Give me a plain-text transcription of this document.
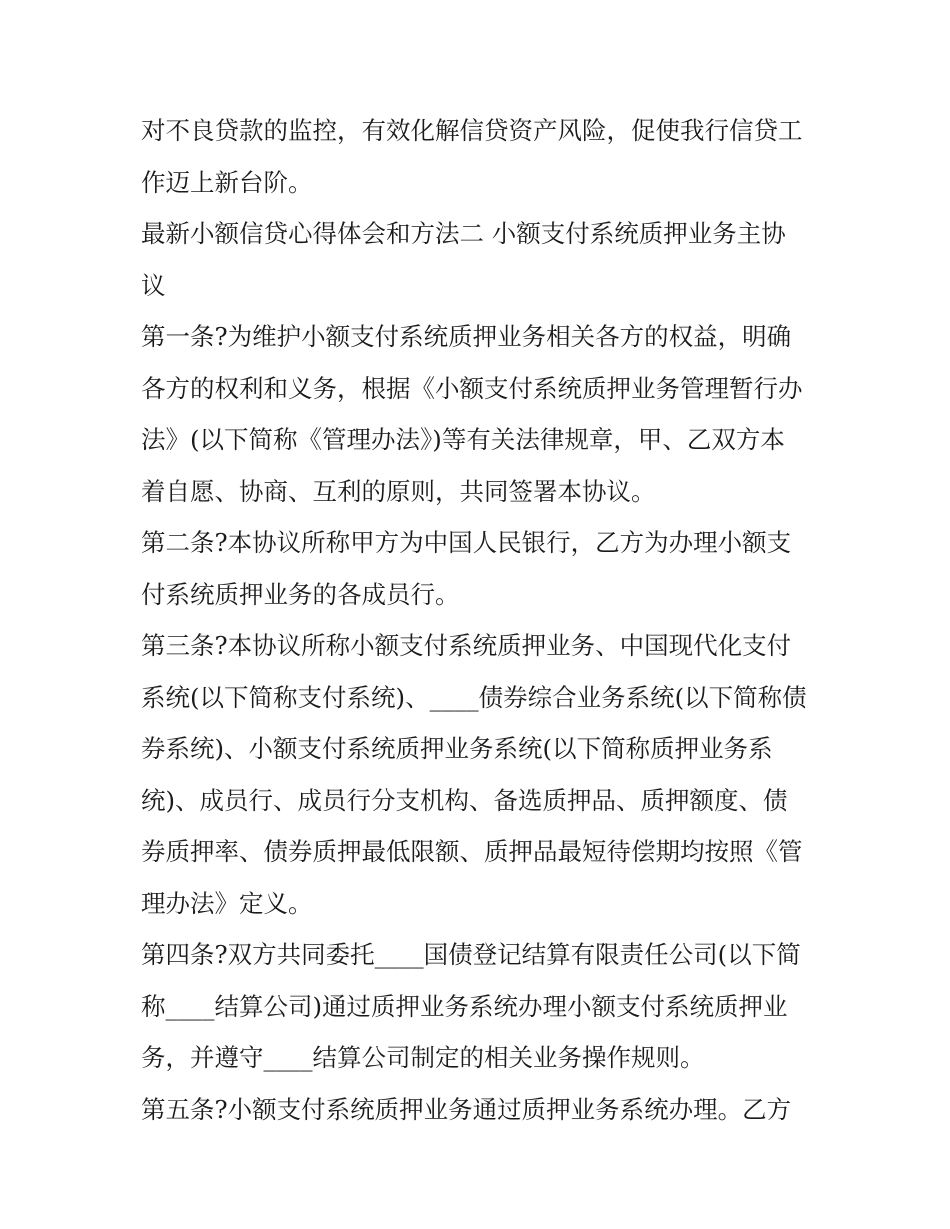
对不良贷款的监控，有效化解信贷资产风险，促使我行信贷工
作迈上新台阶。
最新小额信贷心得体会和方法二 小额支付系统质押业务主协
议
第一条?为维护小额支付系统质押业务相关各方的权益，明确
各方的权利和义务，根据《小额支付系统质押业务管理暂行办
法》(以下简称《管理办法》)等有关法律规章，甲、乙双方本
着自愿、协商、互利的原则，共同签署本协议。
第二条?本协议所称甲方为中国人民银行，乙方为办理小额支
付系统质押业务的各成员行。
第三条?本协议所称小额支付系统质押业务、中国现代化支付
系统(以下简称支付系统)、____债券综合业务系统(以下简称债
券系统)、小额支付系统质押业务系统(以下简称质押业务系
统)、成员行、成员行分支机构、备选质押品、质押额度、债
券质押率、债券质押最低限额、质押品最短待偿期均按照《管
理办法》定义。
第四条?双方共同委托____国债登记结算有限责任公司(以下简
称____结算公司)通过质押业务系统办理小额支付系统质押业
务，并遵守____结算公司制定的相关业务操作规则。
第五条?小额支付系统质押业务通过质押业务系统办理。乙方
